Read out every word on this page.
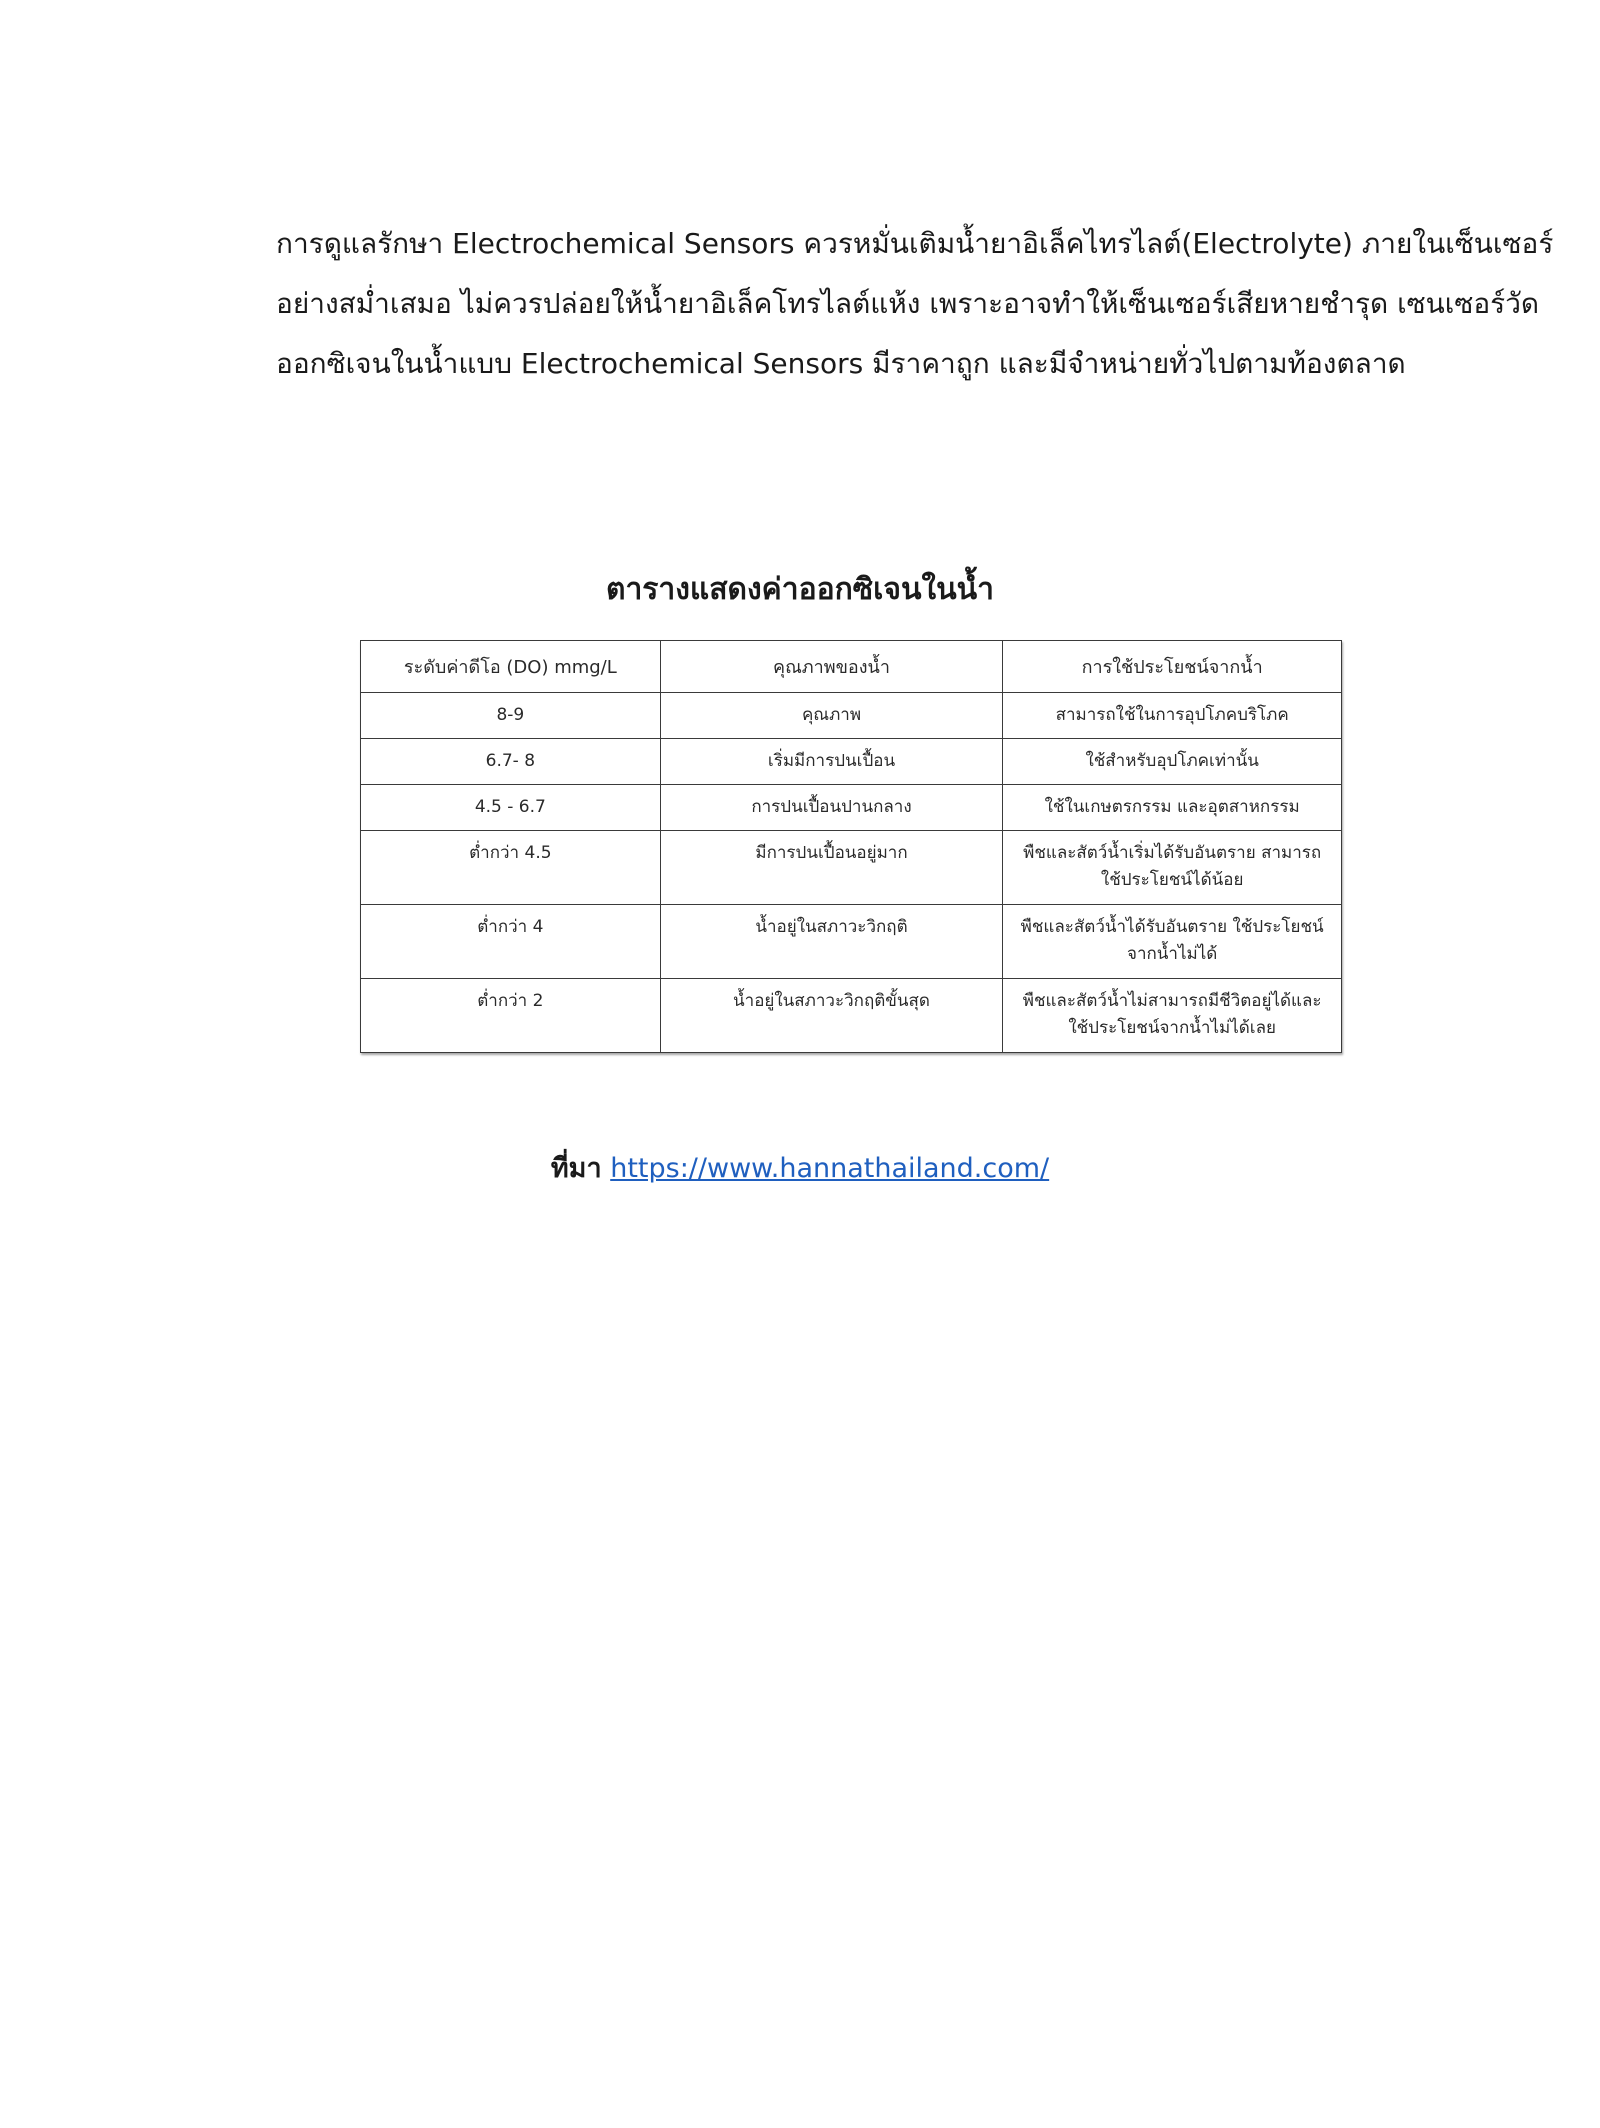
การดูแลรักษา Electrochemical Sensors ควรหมั่นเติมน้ำยาอิเล็คไทรไลต์(Electrolyte) ภายในเซ็นเซอร์
อย่างสม่ำเสมอ ไม่ควรปล่อยให้น้ำยาอิเล็คโทรไลต์แห้ง เพราะอาจทำให้เซ็นเซอร์เสียหายชำรุด เซนเซอร์วัด
ออกซิเจนในน้ำแบบ Electrochemical Sensors มีราคาถูก และมีจำหน่ายทั่วไปตามท้องตลาด
ตารางแสดงค่าออกซิเจนในน้ำ
ระดับค่าดีโอ (DO) mmg/L	คุณภาพของน้ำ	การใช้ประโยชน์จากน้ำ
8-9	คุณภาพ	สามารถใช้ในการอุปโภคบริโภค
6.7- 8	เริ่มมีการปนเปื้อน	ใช้สำหรับอุปโภคเท่านั้น
4.5 - 6.7	การปนเปื้อนปานกลาง	ใช้ในเกษตรกรรม และอุตสาหกรรม
ต่ำกว่า 4.5	มีการปนเปื้อนอยู่มาก	พืชและสัตว์น้ำเริ่มได้รับอันตราย สามารถใช้ประโยชน์ได้น้อย
ต่ำกว่า 4	น้ำอยู่ในสภาวะวิกฤติ	พืชและสัตว์น้ำได้รับอันตราย ใช้ประโยชน์จากน้ำไม่ได้
ต่ำกว่า 2	น้ำอยู่ในสภาวะวิกฤติขั้นสุด	พืชและสัตว์น้ำไม่สามารถมีชีวิตอยู่ได้และใช้ประโยชน์จากน้ำไม่ได้เลย

ที่มา https://www.hannathailand.com/
